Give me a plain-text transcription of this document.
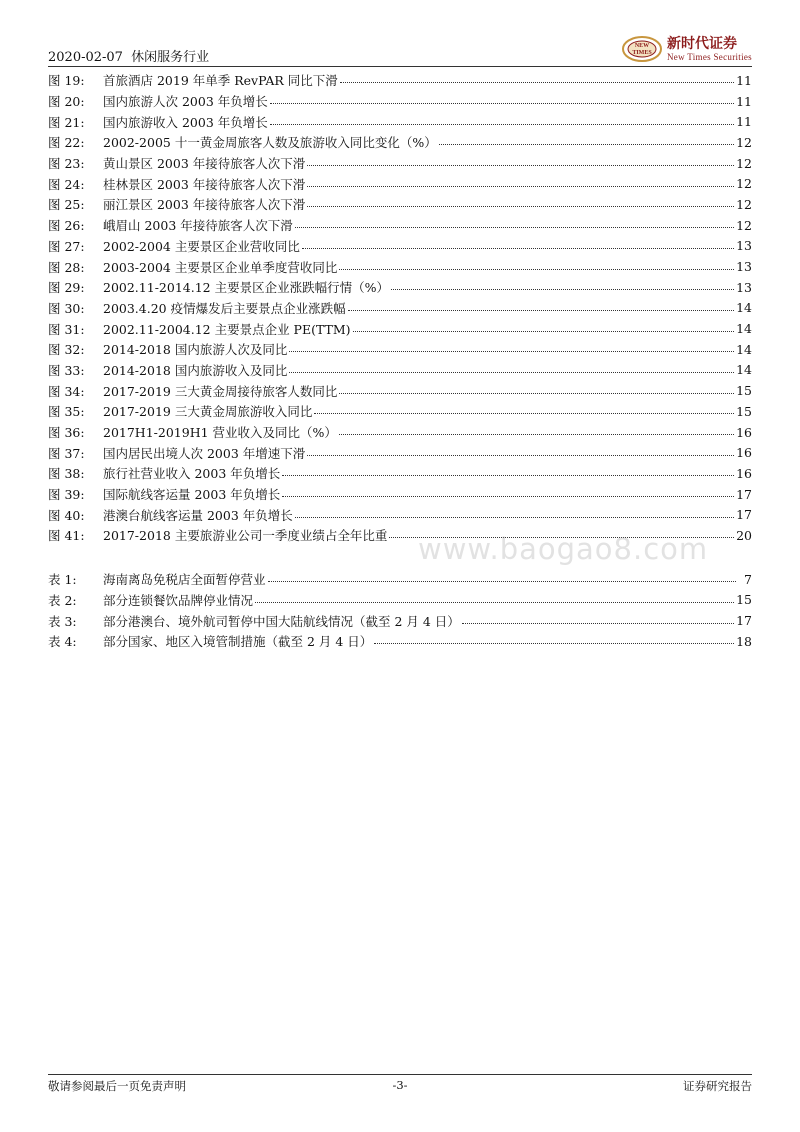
2020-02-07 休闲服务行业
NEW
TIMES
新时代证券
New Times Securities
图 19:	首旅酒店 2019 年单季 RevPAR 同比下滑	11
图 20:	国内旅游人次 2003 年负增长	11
图 21:	国内旅游收入 2003 年负增长	11
图 22:	2002-2005 十一黄金周旅客人数及旅游收入同比变化（%）	12
图 23:	黄山景区 2003 年接待旅客人次下滑	12
图 24:	桂林景区 2003 年接待旅客人次下滑	12
图 25:	丽江景区 2003 年接待旅客人次下滑	12
图 26:	峨眉山 2003 年接待旅客人次下滑	12
图 27:	2002-2004 主要景区企业营收同比	13
图 28:	2003-2004 主要景区企业单季度营收同比	13
图 29:	2002.11-2014.12 主要景区企业涨跌幅行情（%）	13
图 30:	2003.4.20 疫情爆发后主要景点企业涨跌幅	14
图 31:	2002.11-2004.12 主要景点企业 PE(TTM)	14
图 32:	2014-2018 国内旅游人次及同比	14
图 33:	2014-2018 国内旅游收入及同比	14
图 34:	2017-2019 三大黄金周接待旅客人数同比	15
图 35:	2017-2019 三大黄金周旅游收入同比	15
图 36:	2017H1-2019H1 营业收入及同比（%）	16
图 37:	国内居民出境人次 2003 年增速下滑	16
图 38:	旅行社营业收入 2003 年负增长	16
图 39:	国际航线客运量 2003 年负增长	17
图 40:	港澳台航线客运量 2003 年负增长	17
图 41:	2017-2018 主要旅游业公司一季度业绩占全年比重	20
表 1:	海南离岛免税店全面暂停营业	7
表 2:	部分连锁餐饮品牌停业情况	15
表 3:	部分港澳台、境外航司暂停中国大陆航线情况（截至 2 月 4 日）	17
表 4:	部分国家、地区入境管制措施（截至 2 月 4 日）	18
www.baogao8.com
敬请参阅最后一页免责声明	-3-	证券研究报告
